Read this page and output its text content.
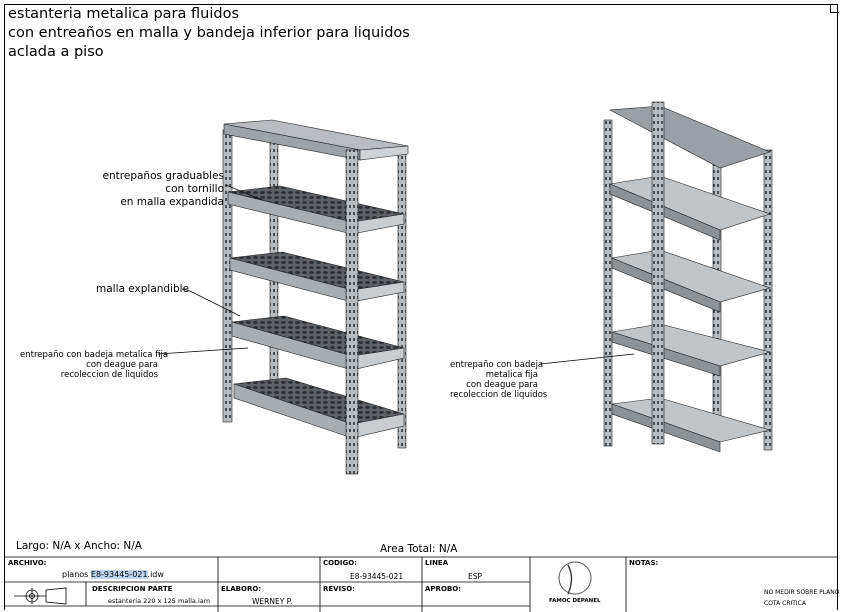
estanteria metalica para fluidos
con entreaños en malla y bandeja inferior para liquidos
aclada a piso
entrepaños graduables
con tornillo
en malla expandida
malla explandible
entrepaño con badeja metalica fija
con deague para
recoleccion de liquidos
entrepaño con badeja
metalica fija
con deague para
recoleccion de liquidos
Largo: N/A x Ancho: N/A	Area Total: N/A
ARCHIVO:
planos E8-93445-021.idw
DESCRIPCION PARTE
estanteria 220 x 125 malla.iam
CODIGO:
E8-93445-021
LINEA
ESP
ELABORO:
WERNEY P.
REVISO:	APROBO:
FAMOC DEPANEL
NOTAS:
NO MEDIR SOBRE PLANO
COTA CRITICA
